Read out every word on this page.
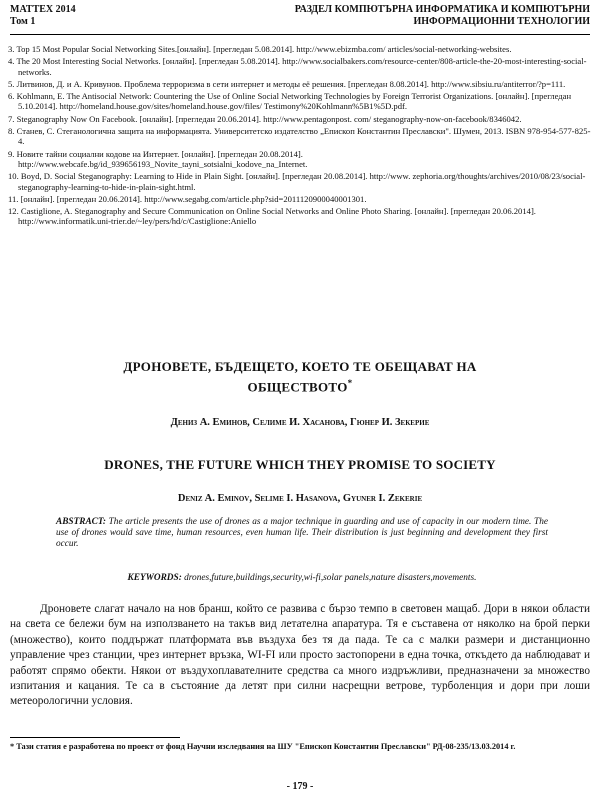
MATTEX 2014
Том 1
РАЗДЕЛ КОМПЮТЪРНА ИНФОРМАТИКА И КОМПЮТЪРНИ
ИНФОРМАЦИОННИ ТЕХНОЛОГИИ
3. Top 15 Most Popular Social Networking Sites.[онлайн]. [прегледан 5.08.2014]. http://www.ebizmba.com/ articles/social-networking-websites.
4. The 20 Most Interesting Social Networks. [онлайн]. [прегледан 5.08.2014]. http://www.socialbakers.com/resource-center/808-article-the-20-most-interesting-social-networks.
5. Литвинов, Д. и А. Кривунов. Проблема терроризма в сети интернет и методы её решения. [прегледан 8.08.2014]. http://www.sibsiu.ru/antiterror/?p=111.
6. Kohlmann, E. The Antisocial Network: Countering the Use of Online Social Networking Technologies by Foreign Terrorist Organizations. [онлайн]. [прегледан 5.10.2014]. http://homeland.house.gov/sites/homeland.house.gov/files/ Testimony%20Kohlmann%5B1%5D.pdf.
7. Steganography Now On Facebook. [онлайн]. [прегледан 20.06.2014]. http://www.pentagonpost. com/ steganography-now-on-facebook/8346042.
8. Станев, С. Стеганологична защита на информацията. Университетско издателство „Епископ Константин Преславски". Шумен, 2013. ISBN 978-954-577-825-4.
9. Новите тайни социални кодове на Интернет. [онлайн]. [прегледан 20.08.2014]. http://www.webcafe.bg/id_939656193_Novite_tayni_sotsialni_kodove_na_Internet.
10. Boyd, D. Social Steganography: Learning to Hide in Plain Sight. [онлайн]. [прегледан 20.08.2014]. http://www. zephoria.org/thoughts/archives/2010/08/23/social-steganography-learning-to-hide-in-plain-sight.html.
11. [онлайн]. [прегледан 20.06.2014]. http://www.segabg.com/article.php?sid=2011120900040001301.
12. Castiglione, A. Steganography and Secure Communication on Online Social Networks and Online Photo Sharing. [онлайн]. [прегледан 20.06.2014]. http://www.informatik.uni-trier.de/~ley/pers/hd/c/Castiglione:Aniello
ДРОНОВЕТЕ, БЪДЕЩЕТО, КОЕТО ТЕ ОБЕЩАВАТ НА
ОБЩЕСТВОТО*
Дениз А. Еминов, Селиме И. Хасанова, Гюнер И. Зекерие
DRONES, THE FUTURE WHICH THEY PROMISE TO SOCIETY
Deniz A. Eminov, Selime I. Hasanova, Gyuner I. Zekerie
ABSTRACT: The article presents the use of drones as a major technique in guarding and use of capacity in our modern time. The use of drones would save time, human resources, even human life. Their distribution is just beginning and development they first occur.
KEYWORDS: drones,future,buildings,security,wi-fi,solar panels,nature disasters,movements.
Дроновете слагат начало на нов бранш, който се развива с бързо темпо в световен мащаб. Дори в някои области на света се бележи бум на използването на такъв вид летателна апаратура. Тя е съставена от няколко на брой перки (множество), които поддържат платформата във въздуха без тя да пада. Те са с малки размери и дистанционно управление чрез станции, чрез интернет връзка, WI-FI или просто застопорени в една точка, откъдето да наблюдават и работят спрямо обекти. Някои от въздухоплавателните средства са много издръжливи, предназначени за множество изпитания и кацания. Те са в състояние да летят при силни насрещни ветрове, турболенция и дори при лоши метеорологични условия.
* Тази статия е разработена по проект от фонд Научни изследвания на ШУ "Епископ Константин Преславски" РД-08-235/13.03.2014 г.
- 179 -
